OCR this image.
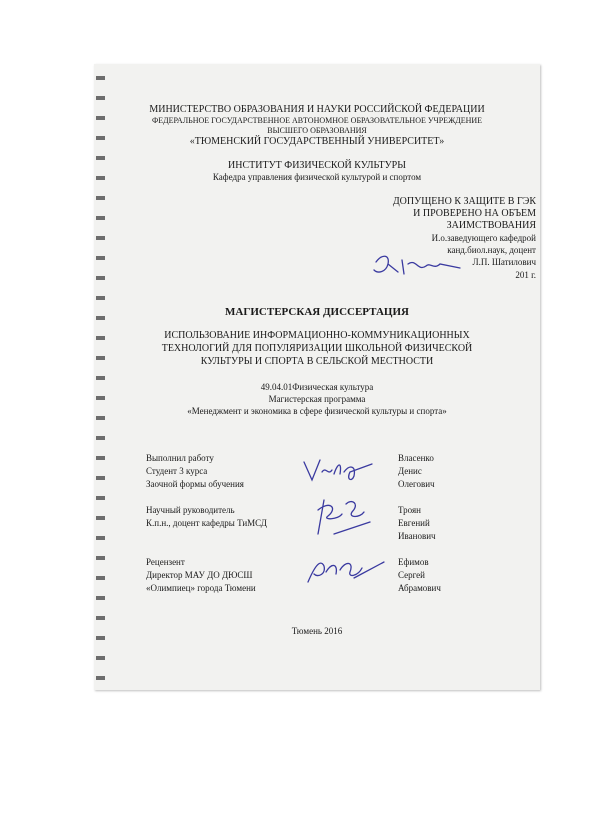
МИНИСТЕРСТВО ОБРАЗОВАНИЯ И НАУКИ РОССИЙСКОЙ ФЕДЕРАЦИИ
ФЕДЕРАЛЬНОЕ ГОСУДАРСТВЕННОЕ АВТОНОМНОЕ ОБРАЗОВАТЕЛЬНОЕ УЧРЕЖДЕНИЕ
ВЫСШЕГО ОБРАЗОВАНИЯ
«ТЮМЕНСКИЙ ГОСУДАРСТВЕННЫЙ УНИВЕРСИТЕТ»
ИНСТИТУТ ФИЗИЧЕСКОЙ КУЛЬТУРЫ
Кафедра управления физической культурой и спортом
ДОПУЩЕНО К ЗАЩИТЕ В ГЭК
И ПРОВЕРЕНО НА ОБЪЕМ
ЗАИМСТВОВАНИЯ
И.о.заведующего кафедрой
канд.биол.наук, доцент
Л.П. Шатилович
201 г.
МАГИСТЕРСКАЯ ДИССЕРТАЦИЯ
ИСПОЛЬЗОВАНИЕ ИНФОРМАЦИОННО-КОММУНИКАЦИОННЫХ
ТЕХНОЛОГИЙ ДЛЯ ПОПУЛЯРИЗАЦИИ ШКОЛЬНОЙ ФИЗИЧЕСКОЙ
КУЛЬТУРЫ И СПОРТА В СЕЛЬСКОЙ МЕСТНОСТИ
49.04.01Физическая культура
Магистерская программа
«Менеджмент и экономика в сфере физической культуры и спорта»
Выполнил работу
Студент 3 курса
Заочной формы обучения
Власенко
Денис
Олегович
Научный руководитель
К.п.н., доцент кафедры ТиМСД
Троян
Евгений
Иванович
Рецензент
Директор МАУ ДО ДЮСШ
«Олимпиец» города Тюмени
Ефимов
Сергей
Абрамович
Тюмень 2016
